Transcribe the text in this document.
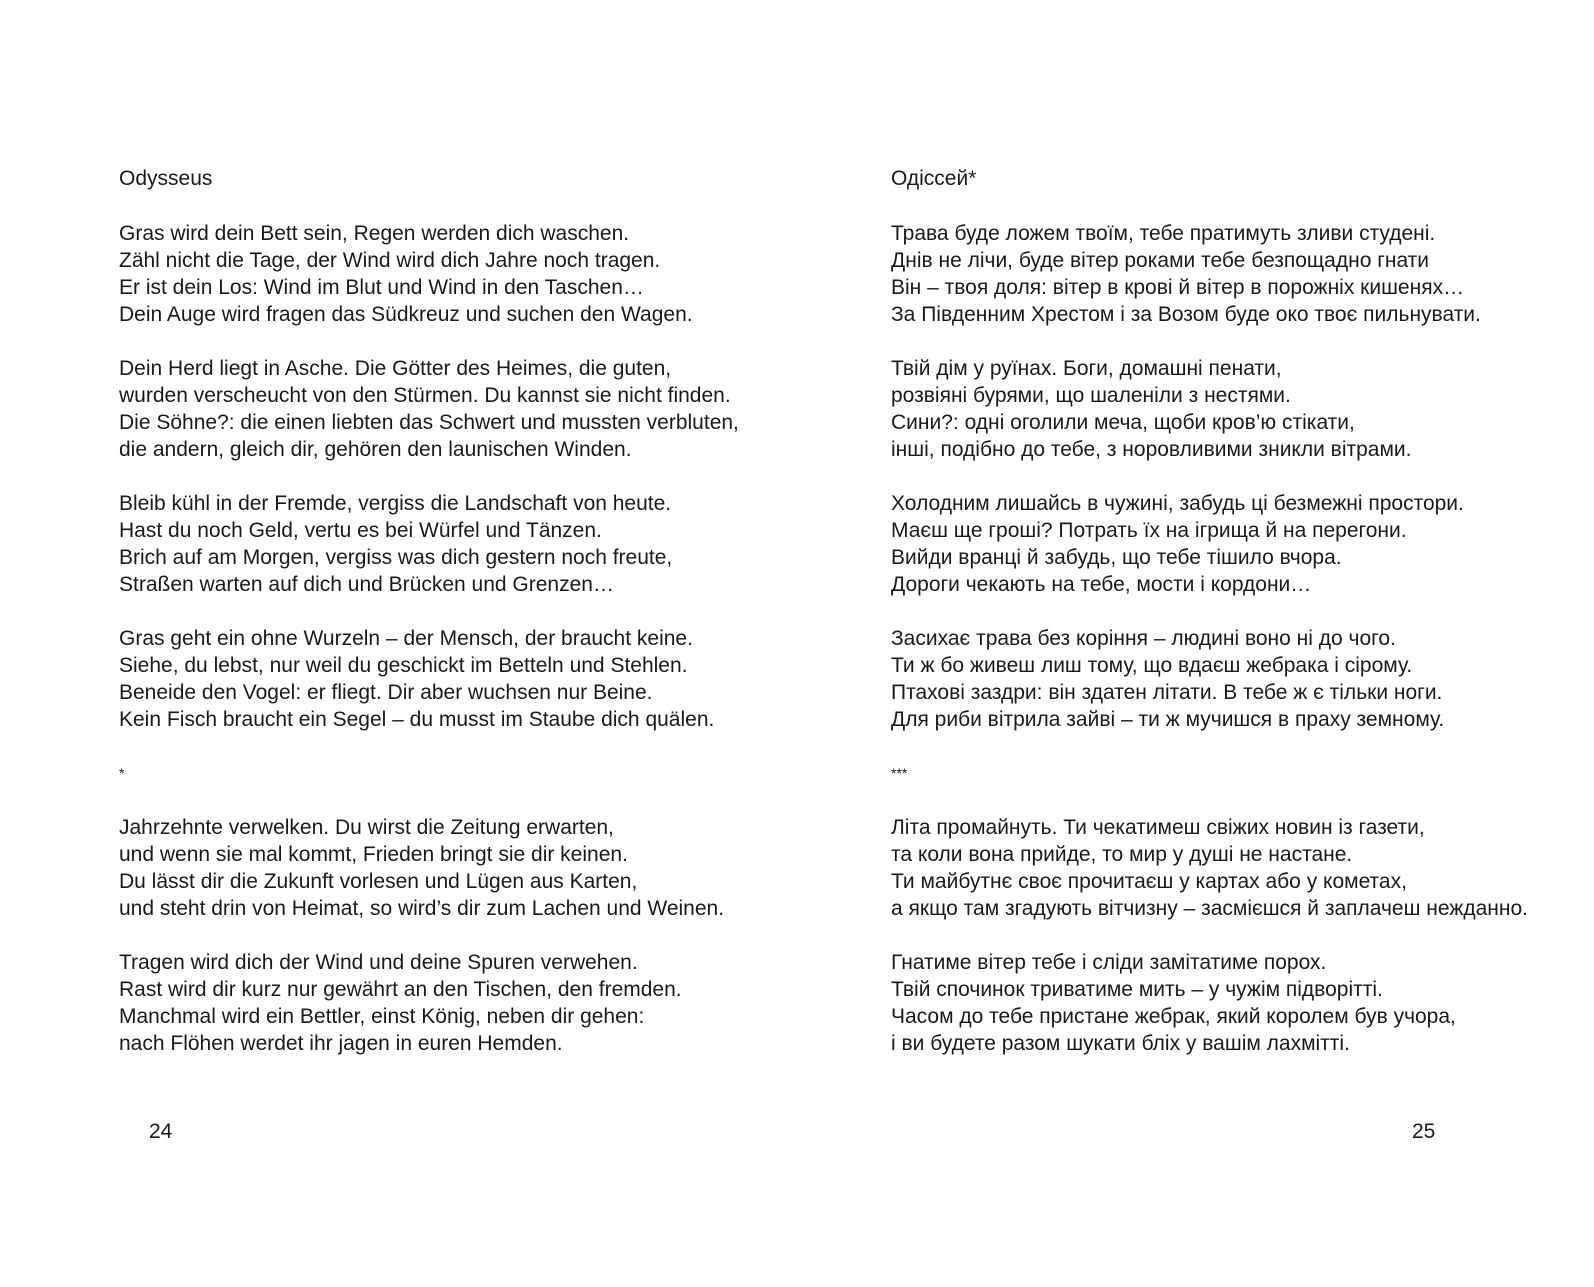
Odysseus
Gras wird dein Bett sein, Regen werden dich waschen.
Zähl nicht die Tage, der Wind wird dich Jahre noch tragen.
Er ist dein Los: Wind im Blut und Wind in den Taschen…
Dein Auge wird fragen das Südkreuz und suchen den Wagen.
Dein Herd liegt in Asche. Die Götter des Heimes, die guten,
wurden verscheucht von den Stürmen. Du kannst sie nicht finden.
Die Söhne?: die einen liebten das Schwert und mussten verbluten,
die andern, gleich dir, gehören den launischen Winden.
Bleib kühl in der Fremde, vergiss die Landschaft von heute.
Hast du noch Geld, vertu es bei Würfel und Tänzen.
Brich auf am Morgen, vergiss was dich gestern noch freute,
Straßen warten auf dich und Brücken und Grenzen…
Gras geht ein ohne Wurzeln – der Mensch, der braucht keine.
Siehe, du lebst, nur weil du geschickt im Betteln und Stehlen.
Beneide den Vogel: er fliegt. Dir aber wuchsen nur Beine.
Kein Fisch braucht ein Segel – du musst im Staube dich quälen.
*
Jahrzehnte verwelken. Du wirst die Zeitung erwarten,
und wenn sie mal kommt, Frieden bringt sie dir keinen.
Du lässt dir die Zukunft vorlesen und Lügen aus Karten,
und steht drin von Heimat, so wird’s dir zum Lachen und Weinen.
Tragen wird dich der Wind und deine Spuren verwehen.
Rast wird dir kurz nur gewährt an den Tischen, den fremden.
Manchmal wird ein Bettler, einst König, neben dir gehen:
nach Flöhen werdet ihr jagen in euren Hemden.
24
Одіссей*
Трава буде ложем твоїм, тебе пратимуть зливи студені.
Днів не лічи, буде вітер роками тебе безпощадно гнати
Він – твоя доля: вітер в крові й вітер в порожніх кишенях…
За Південним Хрестом і за Возом буде око твоє пильнувати.
Твій дім у руїнах. Боги, домашні пенати,
розвіяні бурями, що шаленіли з нестями.
Сини?: одні оголили меча, щоби кров’ю стікати,
інші, подібно до тебе, з норовливими зникли вітрами.
Холодним лишайсь в чужині, забудь ці безмежні простори.
Маєш ще гроші? Потрать їх на ігрища й на перегони.
Вийди вранці й забудь, що тебе тішило вчора.
Дороги чекають на тебе, мости і кордони…
Засихає трава без коріння – людині воно ні до чого.
Ти ж бо живеш лиш тому, що вдаєш жебрака і сірому.
Птахові заздри: він здатен літати. В тебе ж є тільки ноги.
Для риби вітрила зайві – ти ж мучишся в праху земному.
***
Літа промайнуть. Ти чекатимеш свіжих новин із газети,
та коли вона прийде, то мир у душі не настане.
Ти майбутнє своє прочитаєш у картах або у кометах,
а якщо там згадують вітчизну – засмієшся й заплачеш нежданно.
Гнатиме вітер тебе і сліди замітатиме порох.
Твій спочинок триватиме мить – у чужім підворітті.
Часом до тебе пристане жебрак, який королем був учора,
і ви будете разом шукати бліх у вашім лахмітті.
25
